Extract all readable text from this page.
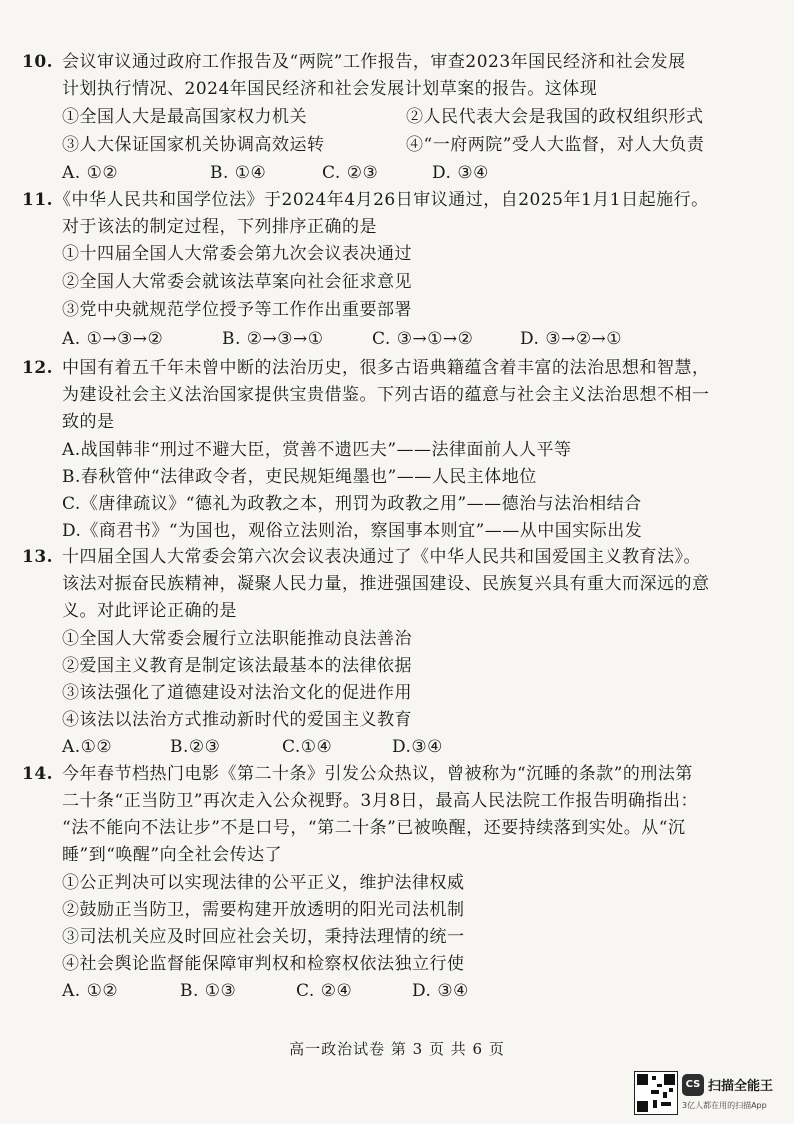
10. 会议审议通过政府工作报告及“两院”工作报告，审查2023年国民经济和社会发展
计划执行情况、2024年国民经济和社会发展计划草案的报告。这体现
①全国人大是最高国家权力机关	②人民代表大会是我国的政权组织形式
③人大保证国家机关协调高效运转	④“一府两院”受人大监督，对人大负责
A. ①②	B. ①④	C. ②③	D. ③④
11. 《中华人民共和国学位法》于2024年4月26日审议通过，自2025年1月1日起施行。
对于该法的制定过程，下列排序正确的是
①十四届全国人大常委会第九次会议表决通过
②全国人大常委会就该法草案向社会征求意见
③党中央就规范学位授予等工作作出重要部署
A. ①→③→②	B. ②→③→①	C. ③→①→②	D. ③→②→①
12. 中国有着五千年未曾中断的法治历史，很多古语典籍蕴含着丰富的法治思想和智慧，
为建设社会主义法治国家提供宝贵借鉴。下列古语的蕴意与社会主义法治思想不相一
致的是
A.战国韩非“刑过不避大臣，赏善不遗匹夫”——法律面前人人平等
B.春秋管仲“法律政令者，吏民规矩绳墨也”——人民主体地位
C.《唐律疏议》“德礼为政教之本，刑罚为政教之用”——德治与法治相结合
D.《商君书》“为国也，观俗立法则治，察国事本则宜”——从中国实际出发
13. 十四届全国人大常委会第六次会议表决通过了《中华人民共和国爱国主义教育法》。
该法对振奋民族精神，凝聚人民力量，推进强国建设、民族复兴具有重大而深远的意
义。对此评论正确的是
①全国人大常委会履行立法职能推动良法善治
②爱国主义教育是制定该法最基本的法律依据
③该法强化了道德建设对法治文化的促进作用
④该法以法治方式推动新时代的爱国主义教育
A.①②	B.②③	C.①④	D.③④
14. 今年春节档热门电影《第二十条》引发公众热议，曾被称为“沉睡的条款”的刑法第
二十条“正当防卫”再次走入公众视野。3月8日，最高人民法院工作报告明确指出：
“法不能向不法让步”不是口号，“第二十条”已被唤醒，还要持续落到实处。从“沉
睡”到“唤醒”向全社会传达了
①公正判决可以实现法律的公平正义，维护法律权威
②鼓励正当防卫，需要构建开放透明的阳光司法机制
③司法机关应及时回应社会关切，秉持法理情的统一
④社会舆论监督能保障审判权和检察权依法独立行使
A. ①②	B. ①③	C. ②④	D. ③④
高一政治试卷 第 3 页 共 6 页
CS 扫描全能王
3亿人都在用的扫描App
